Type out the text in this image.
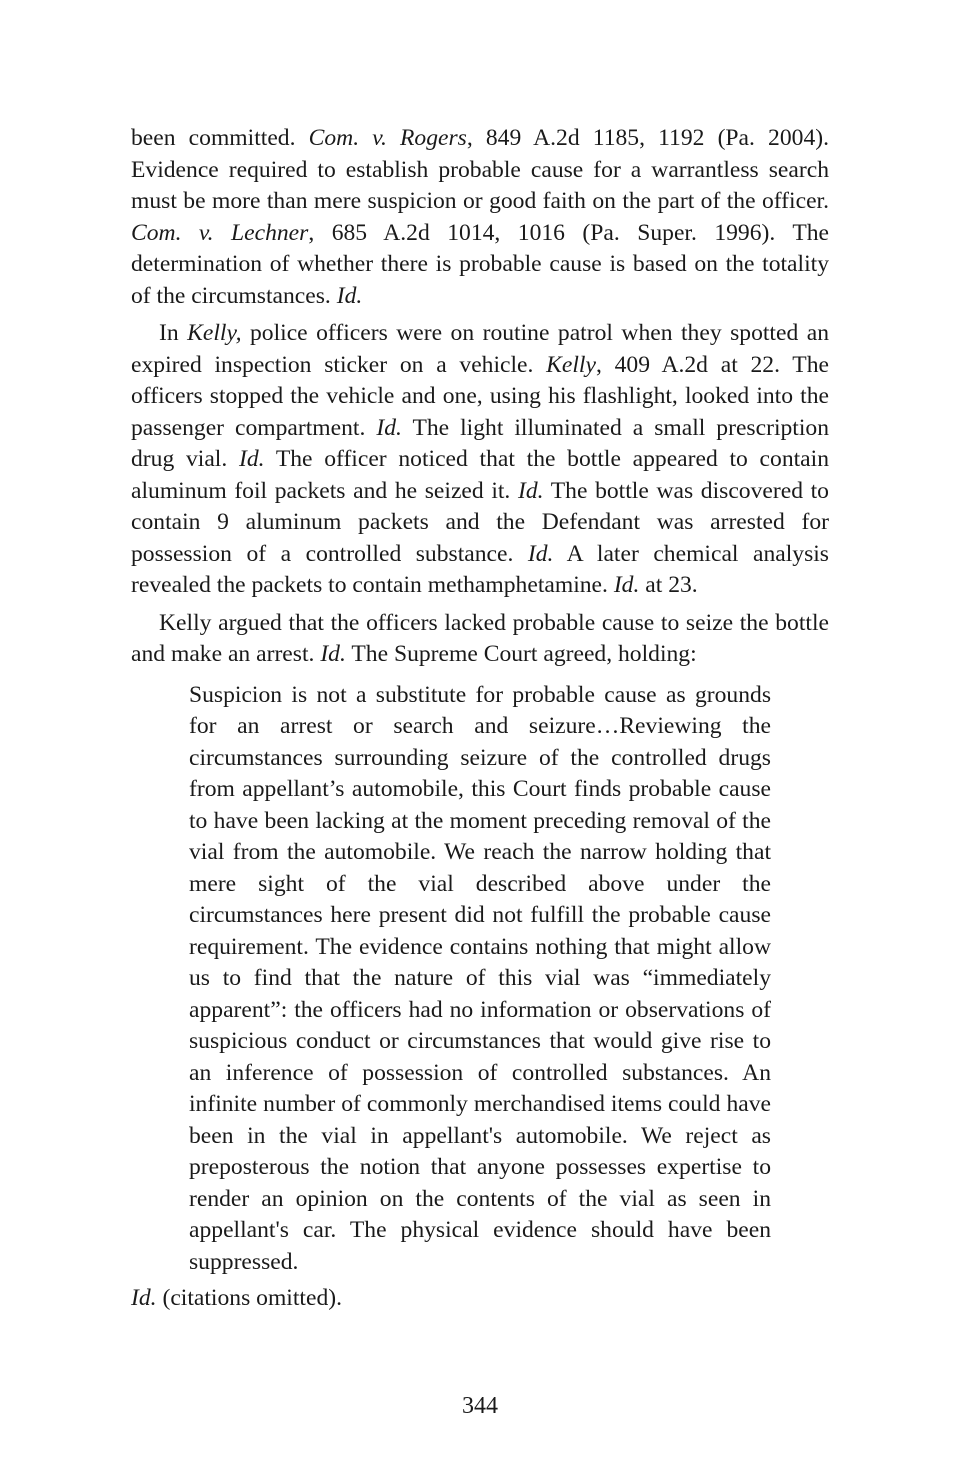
been committed. Com. v. Rogers, 849 A.2d 1185, 1192 (Pa. 2004). Evidence required to establish probable cause for a warrantless search must be more than mere suspicion or good faith on the part of the officer. Com. v. Lechner, 685 A.2d 1014, 1016 (Pa. Super. 1996). The determination of whether there is probable cause is based on the totality of the circumstances. Id.

In Kelly, police officers were on routine patrol when they spotted an expired inspection sticker on a vehicle. Kelly, 409 A.2d at 22. The officers stopped the vehicle and one, using his flashlight, looked into the passenger compartment. Id. The light illuminated a small prescription drug vial. Id. The officer noticed that the bottle appeared to contain aluminum foil packets and he seized it. Id. The bottle was discovered to contain 9 aluminum packets and the Defendant was arrested for possession of a controlled substance. Id. A later chemical analysis revealed the packets to contain methamphetamine. Id. at 23.

Kelly argued that the officers lacked probable cause to seize the bottle and make an arrest. Id. The Supreme Court agreed, holding:

Suspicion is not a substitute for probable cause as grounds for an arrest or search and seizure…Reviewing the circumstances surrounding seizure of the controlled drugs from appellant’s automobile, this Court finds probable cause to have been lacking at the moment preceding removal of the vial from the automobile. We reach the narrow holding that mere sight of the vial described above under the circumstances here present did not fulfill the probable cause requirement. The evidence contains nothing that might allow us to find that the nature of this vial was “immediately apparent”: the officers had no information or observations of suspicious conduct or circumstances that would give rise to an inference of possession of controlled substances. An infinite number of commonly merchandised items could have been in the vial in appellant's automobile. We reject as preposterous the notion that anyone possesses expertise to render an opinion on the contents of the vial as seen in appellant's car. The physical evidence should have been suppressed.

Id. (citations omitted).

344
